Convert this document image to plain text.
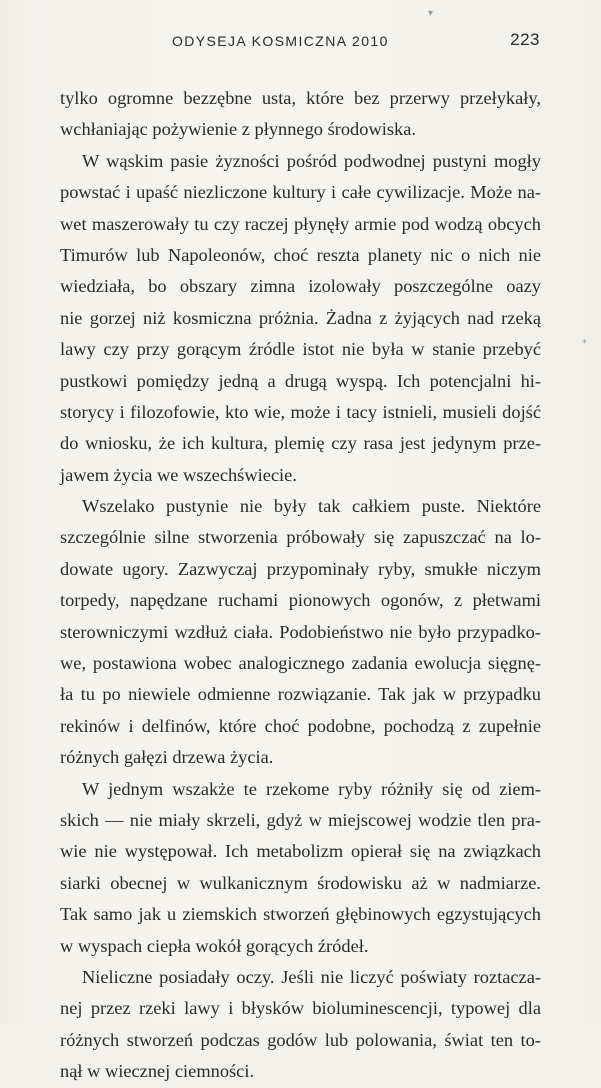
ODYSEJA KOSMICZNA 2010	223
tylko ogromne bezzębne usta, które bez przerwy przełykały,
wchłaniając pożywienie z płynnego środowiska.
W wąskim pasie żyzności pośród podwodnej pustyni mogły
powstać i upaść niezliczone kultury i całe cywilizacje. Może na-
wet maszerowały tu czy raczej płynęły armie pod wodzą obcych
Timurów lub Napoleonów, choć reszta planety nic o nich nie
wiedziała, bo obszary zimna izolowały poszczególne oazy
nie gorzej niż kosmiczna próżnia. Żadna z żyjących nad rzeką
lawy czy przy gorącym źródle istot nie była w stanie przebyć
pustkowi pomiędzy jedną a drugą wyspą. Ich potencjalni hi-
storycy i filozofowie, kto wie, może i tacy istnieli, musieli dojść
do wniosku, że ich kultura, plemię czy rasa jest jedynym prze-
jawem życia we wszechświecie.
Wszelako pustynie nie były tak całkiem puste. Niektóre
szczególnie silne stworzenia próbowały się zapuszczać na lo-
dowate ugory. Zazwyczaj przypominały ryby, smukłe niczym
torpedy, napędzane ruchami pionowych ogonów, z płetwami
sterowniczymi wzdłuż ciała. Podobieństwo nie było przypadko-
we, postawiona wobec analogicznego zadania ewolucja sięgnę-
ła tu po niewiele odmienne rozwiązanie. Tak jak w przypadku
rekinów i delfinów, które choć podobne, pochodzą z zupełnie
różnych gałęzi drzewa życia.
W jednym wszakże te rzekome ryby różniły się od ziem-
skich — nie miały skrzeli, gdyż w miejscowej wodzie tlen pra-
wie nie występował. Ich metabolizm opierał się na związkach
siarki obecnej w wulkanicznym środowisku aż w nadmiarze.
Tak samo jak u ziemskich stworzeń głębinowych egzystujących
w wyspach ciepła wokół gorących źródeł.
Nieliczne posiadały oczy. Jeśli nie liczyć poświaty roztacza-
nej przez rzeki lawy i błysków bioluminescencji, typowej dla
różnych stworzeń podczas godów lub polowania, świat ten to-
nął w wiecznej ciemności.
▾
*
